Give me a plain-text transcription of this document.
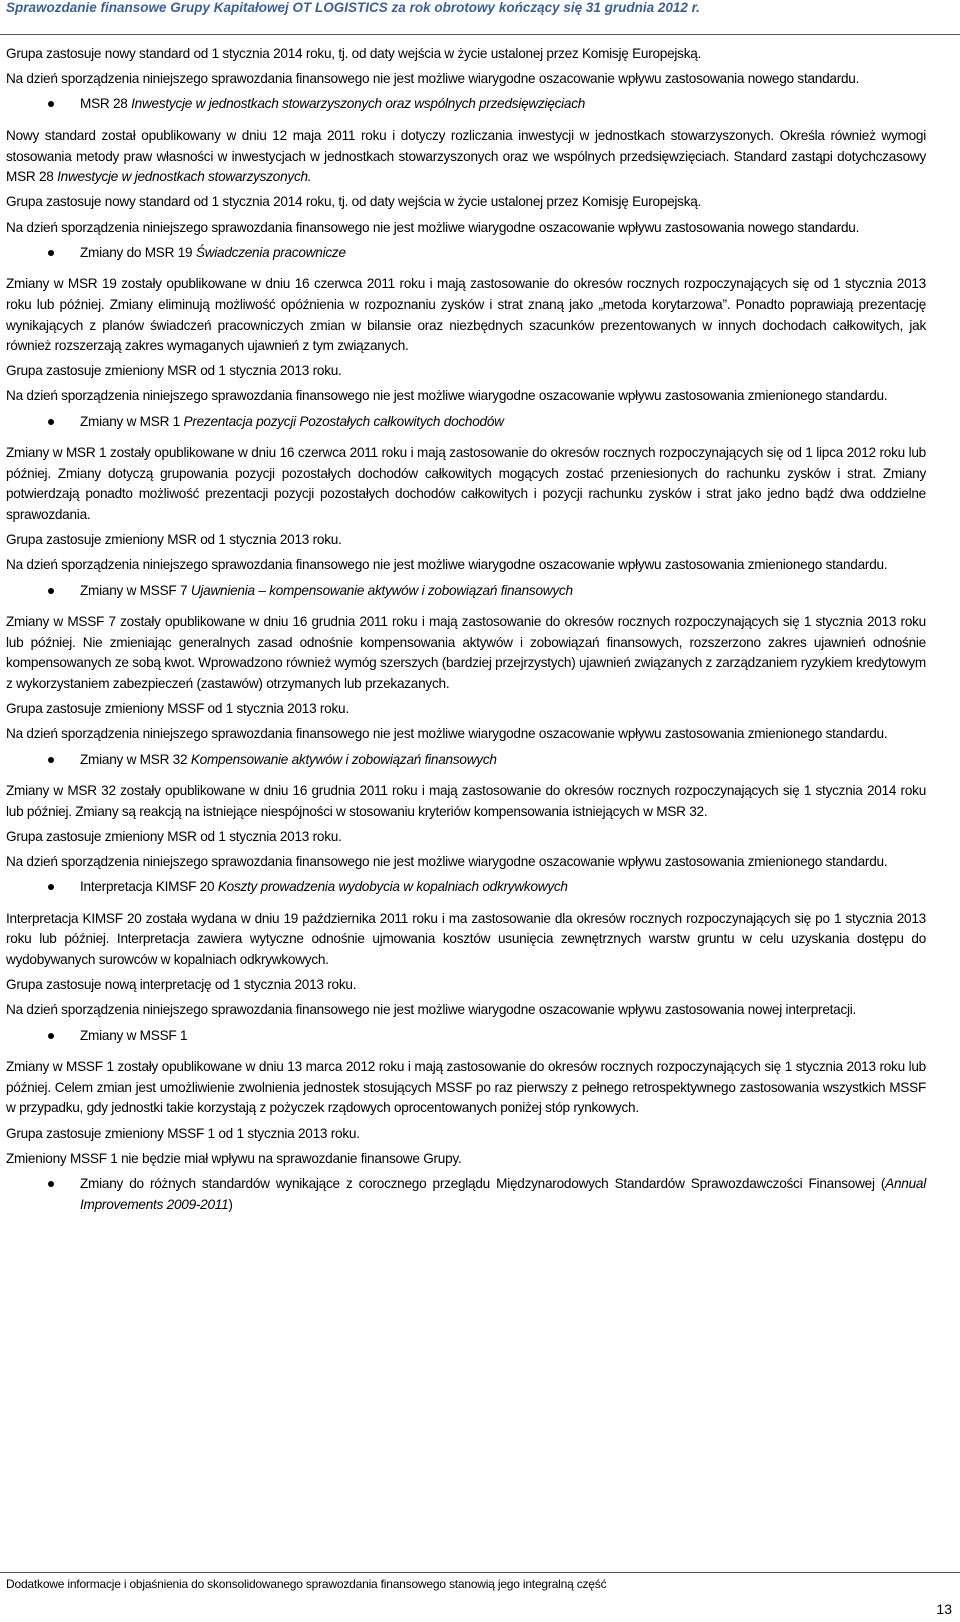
Sprawozdanie finansowe Grupy Kapitałowej OT LOGISTICS za rok obrotowy kończący się 31 grudnia 2012 r.
Grupa zastosuje nowy standard od 1 stycznia 2014 roku, tj. od daty wejścia w życie ustalonej przez Komisję Europejską.
Na dzień sporządzenia niniejszego sprawozdania finansowego nie jest możliwe wiarygodne oszacowanie wpływu zastosowania nowego standardu.
MSR 28 Inwestycje w jednostkach stowarzyszonych oraz wspólnych przedsięwzięciach
Nowy standard został opublikowany w dniu 12 maja 2011 roku i dotyczy rozliczania inwestycji w jednostkach stowarzyszonych. Określa również wymogi stosowania metody praw własności w inwestycjach w jednostkach stowarzyszonych oraz we wspólnych przedsięwzięciach. Standard zastąpi dotychczasowy MSR 28 Inwestycje w jednostkach stowarzyszonych.
Grupa zastosuje nowy standard od 1 stycznia 2014 roku, tj. od daty wejścia w życie ustalonej przez Komisję Europejską.
Na dzień sporządzenia niniejszego sprawozdania finansowego nie jest możliwe wiarygodne oszacowanie wpływu zastosowania nowego standardu.
Zmiany do MSR 19 Świadczenia pracownicze
Zmiany w MSR 19 zostały opublikowane w dniu 16 czerwca 2011 roku i mają zastosowanie do okresów rocznych rozpoczynających się od 1 stycznia 2013 roku lub później. Zmiany eliminują możliwość opóźnienia w rozpoznaniu zysków i strat znaną jako „metoda korytarzowa”. Ponadto poprawiają prezentację wynikających z planów świadczeń pracowniczych zmian w bilansie oraz niezbędnych szacunków prezentowanych w innych dochodach całkowitych, jak również rozszerzają zakres wymaganych ujawnień z tym związanych.
Grupa zastosuje zmieniony MSR od 1 stycznia 2013 roku.
Na dzień sporządzenia niniejszego sprawozdania finansowego nie jest możliwe wiarygodne oszacowanie wpływu zastosowania zmienionego standardu.
Zmiany w MSR 1 Prezentacja pozycji Pozostałych całkowitych dochodów
Zmiany w MSR 1 zostały opublikowane w dniu 16 czerwca 2011 roku i mają zastosowanie do okresów rocznych rozpoczynających się od 1 lipca 2012 roku lub później. Zmiany dotyczą grupowania pozycji pozostałych dochodów całkowitych mogących zostać przeniesionych do rachunku zysków i strat. Zmiany potwierdzają ponadto możliwość prezentacji pozycji pozostałych dochodów całkowitych i pozycji rachunku zysków i strat jako jedno bądź dwa oddzielne sprawozdania.
Grupa zastosuje zmieniony MSR od 1 stycznia 2013 roku.
Na dzień sporządzenia niniejszego sprawozdania finansowego nie jest możliwe wiarygodne oszacowanie wpływu zastosowania zmienionego standardu.
Zmiany w MSSF 7 Ujawnienia – kompensowanie aktywów i zobowiązań finansowych
Zmiany w MSSF 7 zostały opublikowane w dniu 16 grudnia 2011 roku i mają zastosowanie do okresów rocznych rozpoczynających się 1 stycznia 2013 roku lub później. Nie zmieniając generalnych zasad odnośnie kompensowania aktywów i zobowiązań finansowych, rozszerzono zakres ujawnień odnośnie kompensowanych ze sobą kwot. Wprowadzono również wymóg szerszych (bardziej przejrzystych) ujawnień związanych z zarządzaniem ryzykiem kredytowym z wykorzystaniem zabezpieczeń (zastawów) otrzymanych lub przekazanych.
Grupa zastosuje zmieniony MSSF od 1 stycznia 2013 roku.
Na dzień sporządzenia niniejszego sprawozdania finansowego nie jest możliwe wiarygodne oszacowanie wpływu zastosowania zmienionego standardu.
Zmiany w MSR 32 Kompensowanie aktywów i zobowiązań finansowych
Zmiany w MSR 32 zostały opublikowane w dniu 16 grudnia 2011 roku i mają zastosowanie do okresów rocznych rozpoczynających się 1 stycznia 2014 roku lub później. Zmiany są reakcją na istniejące niespójności w stosowaniu kryteriów kompensowania istniejących w MSR 32.
Grupa zastosuje zmieniony MSR od 1 stycznia 2013 roku.
Na dzień sporządzenia niniejszego sprawozdania finansowego nie jest możliwe wiarygodne oszacowanie wpływu zastosowania zmienionego standardu.
Interpretacja KIMSF 20 Koszty prowadzenia wydobycia w kopalniach odkrywkowych
Interpretacja KIMSF 20 została wydana w dniu 19 października 2011 roku i ma zastosowanie dla okresów rocznych rozpoczynających się po 1 stycznia 2013 roku lub później. Interpretacja zawiera wytyczne odnośnie ujmowania kosztów usunięcia zewnętrznych warstw gruntu w celu uzyskania dostępu do wydobywanych surowców w kopalniach odkrywkowych.
Grupa zastosuje nową interpretację od 1 stycznia 2013 roku.
Na dzień sporządzenia niniejszego sprawozdania finansowego nie jest możliwe wiarygodne oszacowanie wpływu zastosowania nowej interpretacji.
Zmiany w MSSF 1
Zmiany w MSSF 1 zostały opublikowane w dniu 13 marca 2012 roku i mają zastosowanie do okresów rocznych rozpoczynających się 1 stycznia 2013 roku lub później. Celem zmian jest umożliwienie zwolnienia jednostek stosujących MSSF po raz pierwszy z pełnego retrospektywnego zastosowania wszystkich MSSF w przypadku, gdy jednostki takie korzystają z pożyczek rządowych oprocentowanych poniżej stóp rynkowych.
Grupa zastosuje zmieniony MSSF 1 od 1 stycznia 2013 roku.
Zmieniony MSSF 1 nie będzie miał wpływu na sprawozdanie finansowe Grupy.
Zmiany do różnych standardów wynikające z corocznego przeglądu Międzynarodowych Standardów Sprawozdawczości Finansowej (Annual Improvements 2009-2011)
Dodatkowe informacje i objaśnienia do skonsolidowanego sprawozdania finansowego stanowią jego integralną część
13
